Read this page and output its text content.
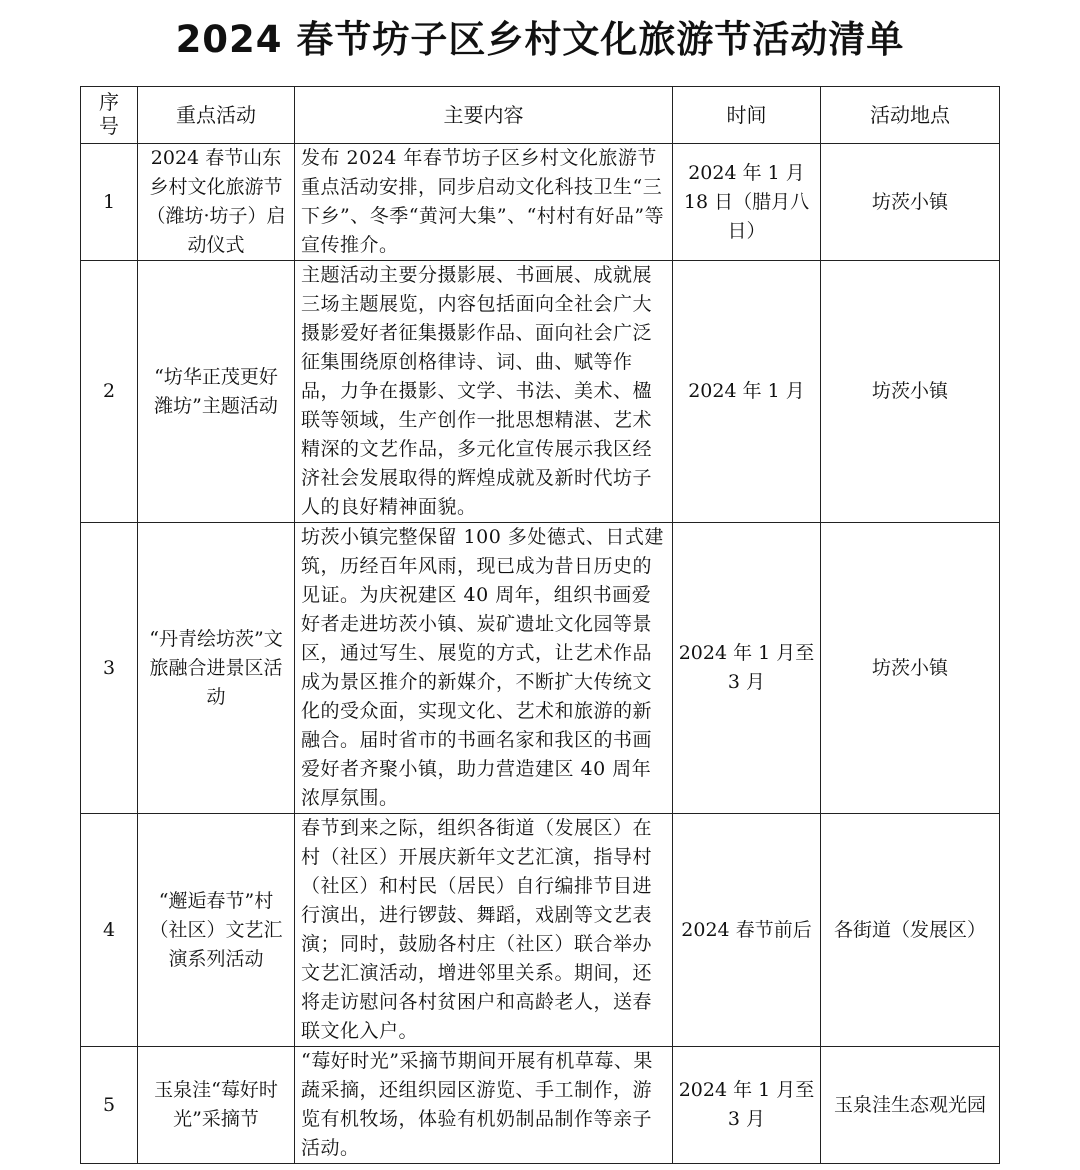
2024 春节坊子区乡村文化旅游节活动清单
序号	重点活动	主要内容	时间	活动地点
1	2024 春节山东乡村文化旅游节（潍坊·坊子）启动仪式	发布 2024 年春节坊子区乡村文化旅游节重点活动安排，同步启动文化科技卫生“三下乡”、冬季“黄河大集”、“村村有好品”等宣传推介。	2024 年 1 月 18 日（腊月八日）	坊茨小镇
2	“坊华正茂更好潍坊”主题活动	主题活动主要分摄影展、书画展、成就展三场主题展览，内容包括面向全社会广大摄影爱好者征集摄影作品、面向社会广泛征集围绕原创格律诗、词、曲、赋等作品，力争在摄影、文学、书法、美术、楹联等领域，生产创作一批思想精湛、艺术精深的文艺作品，多元化宣传展示我区经济社会发展取得的辉煌成就及新时代坊子人的良好精神面貌。	2024 年 1 月	坊茨小镇
3	“丹青绘坊茨”文旅融合进景区活动	坊茨小镇完整保留 100 多处德式、日式建筑，历经百年风雨，现已成为昔日历史的见证。为庆祝建区 40 周年，组织书画爱好者走进坊茨小镇、炭矿遗址文化园等景区，通过写生、展览的方式，让艺术作品成为景区推介的新媒介，不断扩大传统文化的受众面，实现文化、艺术和旅游的新融合。届时省市的书画名家和我区的书画爱好者齐聚小镇，助力营造建区 40 周年浓厚氛围。	2024 年 1 月至 3 月	坊茨小镇
4	“邂逅春节”村（社区）文艺汇演系列活动	春节到来之际，组织各街道（发展区）在村（社区）开展庆新年文艺汇演，指导村（社区）和村民（居民）自行编排节目进行演出，进行锣鼓、舞蹈，戏剧等文艺表演；同时，鼓励各村庄（社区）联合举办文艺汇演活动，增进邻里关系。期间，还将走访慰问各村贫困户和高龄老人，送春联文化入户。	2024 春节前后	各街道（发展区）
5	玉泉洼“莓好时光”采摘节	“莓好时光”采摘节期间开展有机草莓、果蔬采摘，还组织园区游览、手工制作，游览有机牧场，体验有机奶制品制作等亲子活动。	2024 年 1 月至 3 月	玉泉洼生态观光园
